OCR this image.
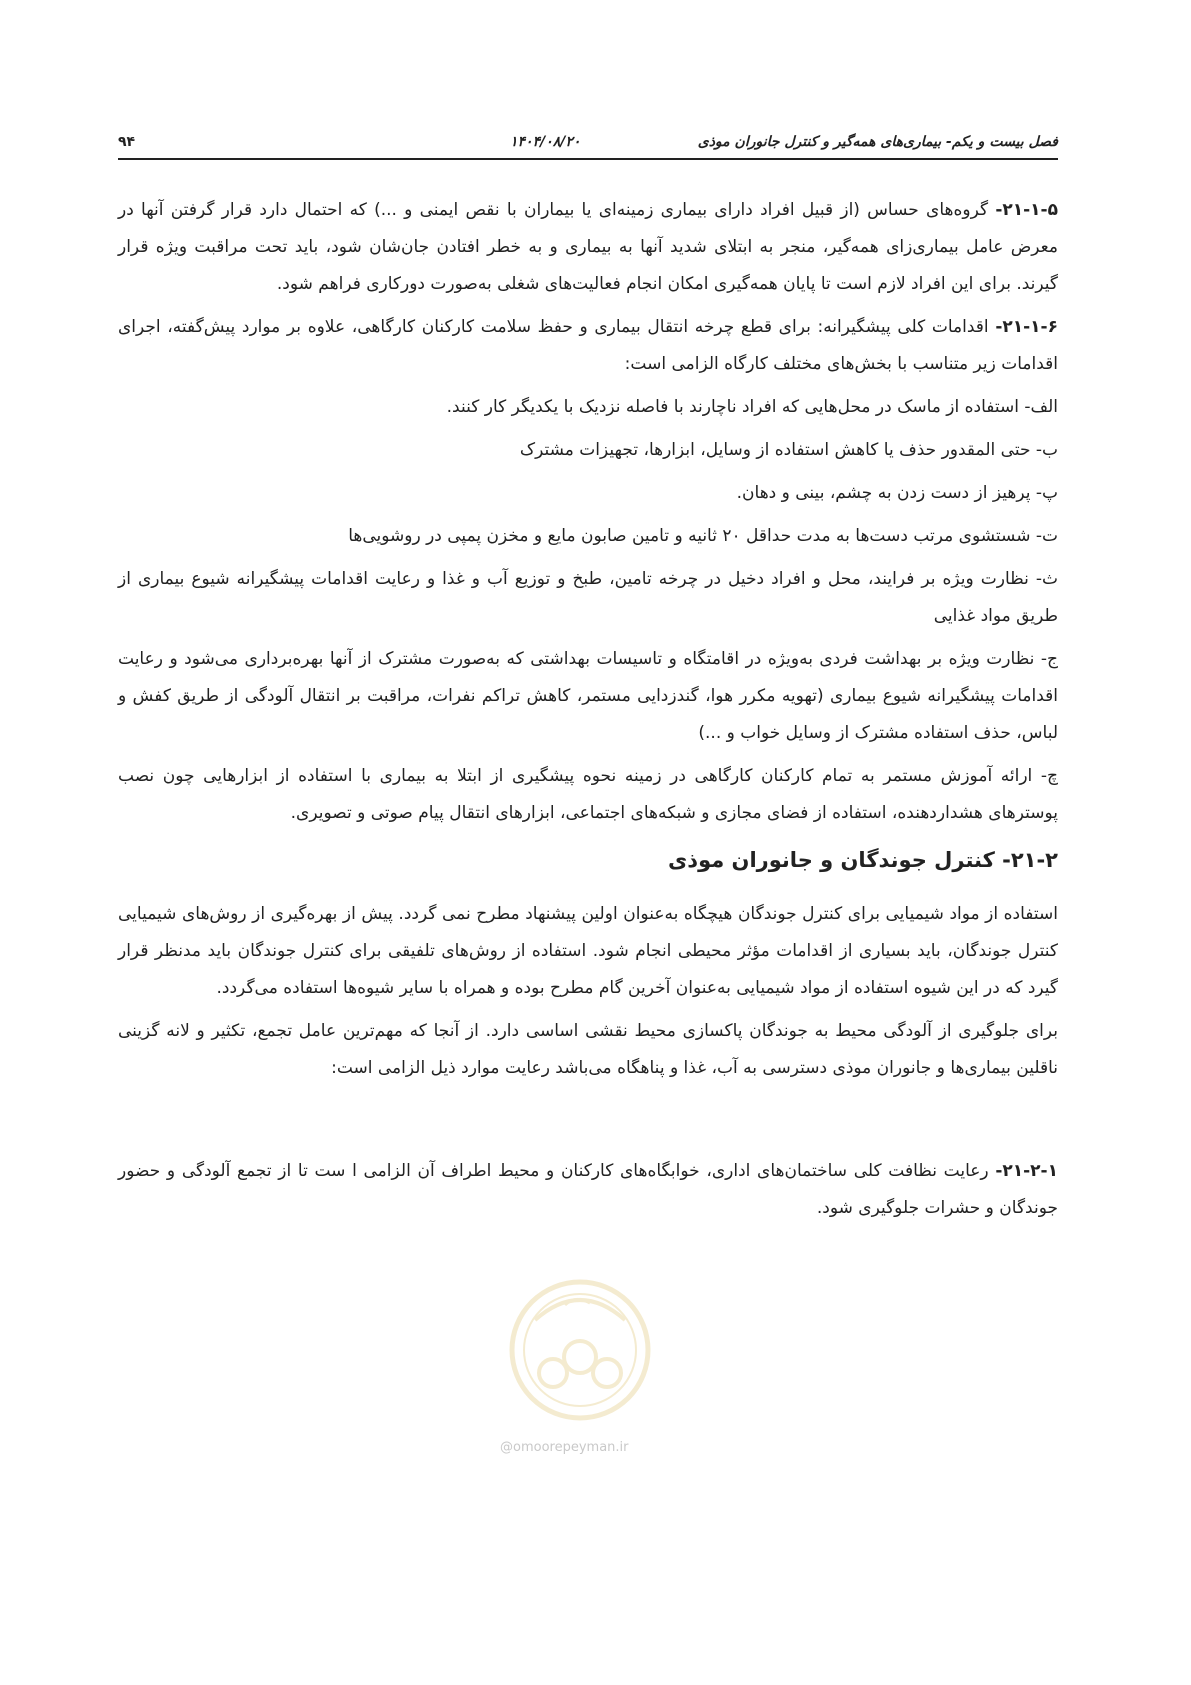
فصل بیست و یکم- بیماری‌های همه‌گیر و کنترل جانوران موذی
۱۴۰۴/۰۸/۲۰
۹۴

۲۱-۱-۵- گروه‌های حساس (از قبیل افراد دارای بیماری زمینه‌ای یا بیماران با نقص ایمنی و ...) که احتمال دارد قرار گرفتن آنها در معرض عامل بیماری‌زای همه‌گیر، منجر به ابتلای شدید آنها به بیماری و به خطر افتادن جان‌شان شود، باید تحت مراقبت ویژه قرار گیرند. برای این افراد لازم است تا پایان همه‌گیری امکان انجام فعالیت‌های شغلی به‌صورت دورکاری فراهم شود.

۲۱-۱-۶- اقدامات کلی پیشگیرانه: برای قطع چرخه انتقال بیماری و حفظ سلامت کارکنان کارگاهی، علاوه بر موارد پیش‌گفته، اجرای اقدامات زیر متناسب با بخش‌های مختلف کارگاه الزامی است:

الف- استفاده از ماسک در محل‌هایی که افراد ناچارند با فاصله نزدیک با یکدیگر کار کنند.

ب- حتی المقدور حذف یا کاهش استفاده از وسایل، ابزارها، تجهیزات مشترک

پ- پرهیز از دست زدن به چشم، بینی و دهان.

ت- شستشوی مرتب دست‌ها به مدت حداقل ۲۰ ثانیه و تامین صابون مایع و مخزن پمپی در روشویی‌ها

ث- نظارت ویژه بر فرایند، محل و افراد دخیل در چرخه تامین، طبخ و توزیع آب و غذا و رعایت اقدامات پیشگیرانه شیوع بیماری از طریق مواد غذایی

ج- نظارت ویژه بر بهداشت فردی به‌ویژه در اقامتگاه و تاسیسات بهداشتی که به‌صورت مشترک از آنها بهره‌برداری می‌شود و رعایت اقدامات پیشگیرانه شیوع بیماری (تهویه مکرر هوا، گندزدایی مستمر، کاهش تراکم نفرات، مراقبت بر انتقال آلودگی از طریق کفش و لباس، حذف استفاده مشترک از وسایل خواب و ...)

چ- ارائه آموزش مستمر به تمام کارکنان کارگاهی در زمینه نحوه پیشگیری از ابتلا به بیماری با استفاده از ابزارهایی چون نصب پوسترهای هشداردهنده، استفاده از فضای مجازی و شبکه‌های اجتماعی، ابزارهای انتقال پیام صوتی و تصویری.

۲۱-۲- کنترل جوندگان و جانوران موذی

استفاده از مواد شیمیایی برای کنترل جوندگان هیچگاه به‌عنوان اولین پیشنهاد مطرح نمی گردد. پیش از بهره‌گیری از روش‌های شیمیایی کنترل جوندگان، باید بسیاری از اقدامات مؤثر محیطی انجام شود. استفاده از روش‌های تلفیقی برای کنترل جوندگان باید مدنظر قرار گیرد که در این شیوه استفاده از مواد شیمیایی به‌عنوان آخرین گام مطرح بوده و همراه با سایر شیوه‌ها استفاده می‌گردد.

برای جلوگیری از آلودگی محیط به جوندگان پاکسازی محیط نقشی اساسی دارد. از آنجا که مهم‌ترین عامل تجمع، تکثیر و لانه گزینی ناقلین بیماری‌ها و جانوران موذی دسترسی به آب، غذا و پناهگاه می‌باشد رعایت موارد ذیل الزامی است:

۲۱-۲-۱- رعایت نظافت کلی ساختمان‌های اداری، خوابگاه‌های کارکنان و محیط اطراف آن الزامی ا ست تا از تجمع آلودگی و حضور جوندگان و حشرات جلوگیری شود.

@omoorepeyman.ir
